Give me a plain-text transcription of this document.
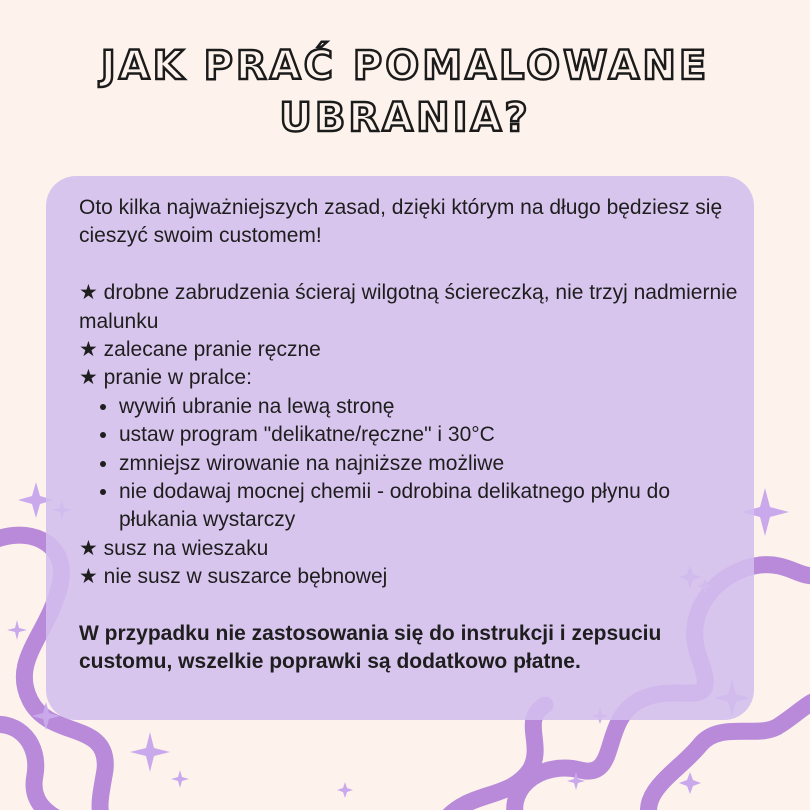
JAK PRAĆ POMALOWANE
UBRANIA?

Oto kilka najważniejszych zasad, dzięki którym na długo będziesz się cieszyć swoim customem!

★ drobne zabrudzenia ścieraj wilgotną ściereczką, nie trzyj nadmiernie malunku

★ zalecane pranie ręczne

★ pranie w pralce:

• wywiń ubranie na lewą stronę
• ustaw program "delikatne/ręczne" i 30°C
• zmniejsz wirowanie na najniższe możliwe
• nie dodawaj mocnej chemii - odrobina delikatnego płynu do płukania wystarczy

★ susz na wieszaku

★ nie susz w suszarce bębnowej

W przypadku nie zastosowania się do instrukcji i zepsuciu customu, wszelkie poprawki są dodatkowo płatne.
